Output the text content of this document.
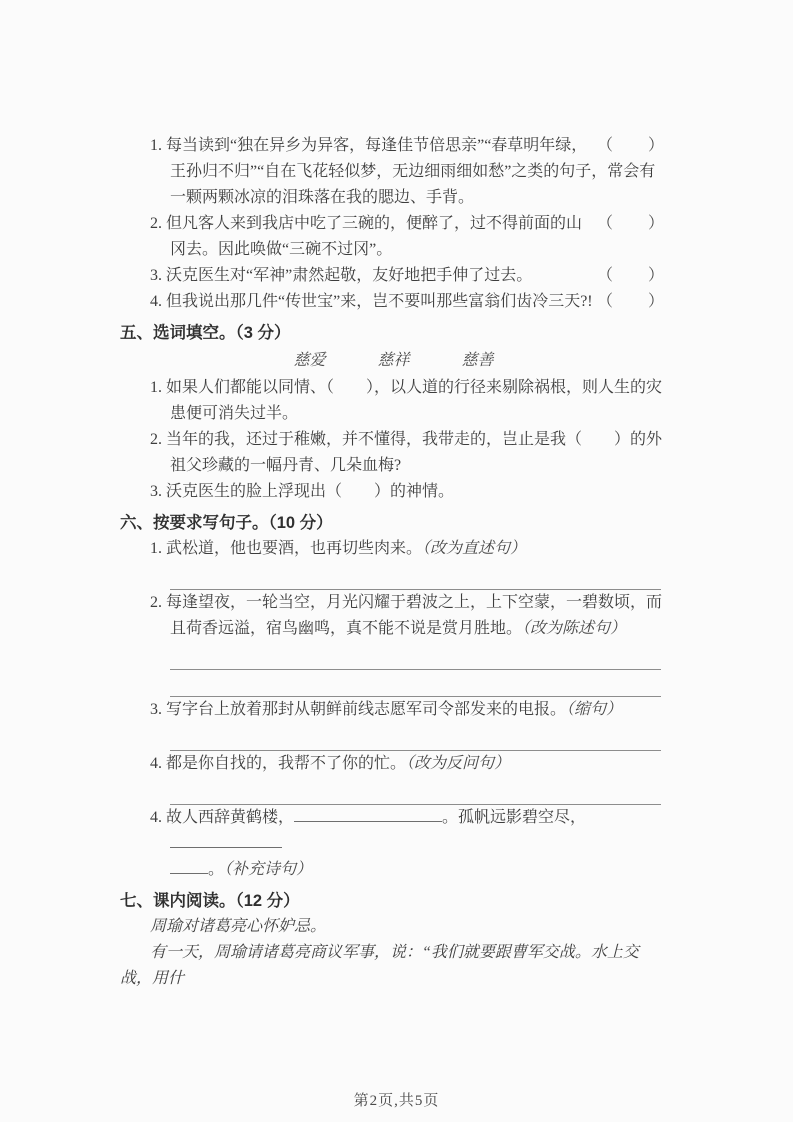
（　　）
1. 每当读到“独在异乡为异客，每逢佳节倍思亲”“春草明年绿，王孙归不归”“自在飞花轻似梦，无边细雨细如愁”之类的句子，常会有一颗两颗冰凉的泪珠落在我的腮边、手背。
（　　）
2. 但凡客人来到我店中吃了三碗的，便醉了，过不得前面的山冈去。因此唤做“三碗不过冈”。
（　　）
3. 沃克医生对“军神”肃然起敬，友好地把手伸了过去。
（　　）
4. 但我说出那几件“传世宝”来，岂不要叫那些富翁们齿冷三天?!
五、选词填空。（3 分）
慈爱	慈祥	慈善
1. 如果人们都能以同情、（　　），以人道的行径来剔除祸根，则人生的灾患便可消失过半。
2. 当年的我，还过于稚嫩，并不懂得，我带走的，岂止是我（　　）的外祖父珍藏的一幅丹青、几朵血梅?
3. 沃克医生的脸上浮现出（　　）的神情。
六、按要求写句子。（10 分）
1. 武松道，他也要酒，也再切些肉来。（改为直述句）
2. 每逢望夜，一轮当空，月光闪耀于碧波之上，上下空蒙，一碧数顷，而且荷香远溢，宿鸟幽鸣，真不能不说是赏月胜地。（改为陈述句）
3. 写字台上放着那封从朝鲜前线志愿军司令部发来的电报。（缩句）
4. 都是你自找的，我帮不了你的忙。（改为反问句）
4. 故人西辞黄鹤楼，	。孤帆远影碧空尽，
。（补充诗句）
七、课内阅读。（12 分）
周瑜对诸葛亮心怀妒忌。
有一天，周瑜请诸葛亮商议军事，说：“我们就要跟曹军交战。水上交战，用什
第2页,共5页
